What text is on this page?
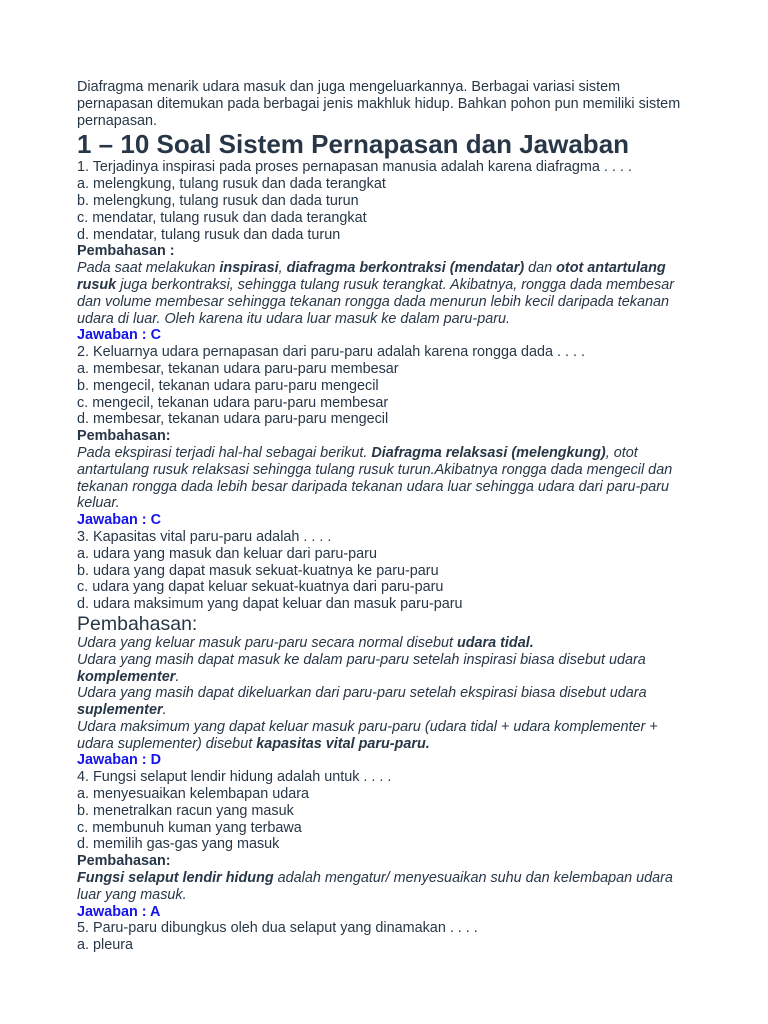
Diafragma menarik udara masuk dan juga mengeluarkannya. Berbagai variasi sistem pernapasan ditemukan pada berbagai jenis makhluk hidup. Bahkan pohon pun memiliki sistem pernapasan.

1 – 10 Soal Sistem Pernapasan dan Jawaban

1. Terjadinya inspirasi pada proses pernapasan manusia adalah karena diafragma . . . .

a. melengkung, tulang rusuk dan dada terangkat

b. melengkung, tulang rusuk dan dada turun

c. mendatar, tulang rusuk dan dada terangkat

d. mendatar, tulang rusuk dan dada turun

Pembahasan :

Pada saat melakukan inspirasi, diafragma berkontraksi (mendatar) dan otot antartulang rusuk juga berkontraksi, sehingga tulang rusuk terangkat. Akibatnya, rongga dada membesar dan volume membesar sehingga tekanan rongga dada menurun lebih kecil daripada tekanan udara di luar. Oleh karena itu udara luar masuk ke dalam paru-paru.

Jawaban : C

2. Keluarnya udara pernapasan dari paru-paru adalah karena rongga dada . . . .

a. membesar, tekanan udara paru-paru membesar

b. mengecil, tekanan udara paru-paru mengecil

c. mengecil, tekanan udara paru-paru membesar

d. membesar, tekanan udara paru-paru mengecil

Pembahasan:

Pada ekspirasi terjadi hal-hal sebagai berikut. Diafragma relaksasi (melengkung), otot antartulang rusuk relaksasi sehingga tulang rusuk turun.Akibatnya rongga dada mengecil dan tekanan rongga dada lebih besar daripada tekanan udara luar sehingga udara dari paru-paru keluar.

Jawaban : C

3. Kapasitas vital paru-paru adalah . . . .

a. udara yang masuk dan keluar dari paru-paru

b. udara yang dapat masuk sekuat-kuatnya ke paru-paru

c. udara yang dapat keluar sekuat-kuatnya dari paru-paru

d. udara maksimum yang dapat keluar dan masuk paru-paru

Pembahasan:

Udara yang keluar masuk paru-paru secara normal disebut udara tidal.

Udara yang masih dapat masuk ke dalam paru-paru setelah inspirasi biasa disebut udara komplementer.

Udara yang masih dapat dikeluarkan dari paru-paru setelah ekspirasi biasa disebut udara suplementer.

Udara maksimum yang dapat keluar masuk paru-paru (udara tidal + udara komplementer + udara suplementer) disebut kapasitas vital paru-paru.

Jawaban : D

4. Fungsi selaput lendir hidung adalah untuk . . . .

a. menyesuaikan kelembapan udara

b. menetralkan racun yang masuk

c. membunuh kuman yang terbawa

d. memilih gas-gas yang masuk

Pembahasan:

Fungsi selaput lendir hidung adalah mengatur/ menyesuaikan suhu dan kelembapan udara luar yang masuk.

Jawaban : A

5. Paru-paru dibungkus oleh dua selaput yang dinamakan . . . .

a. pleura
